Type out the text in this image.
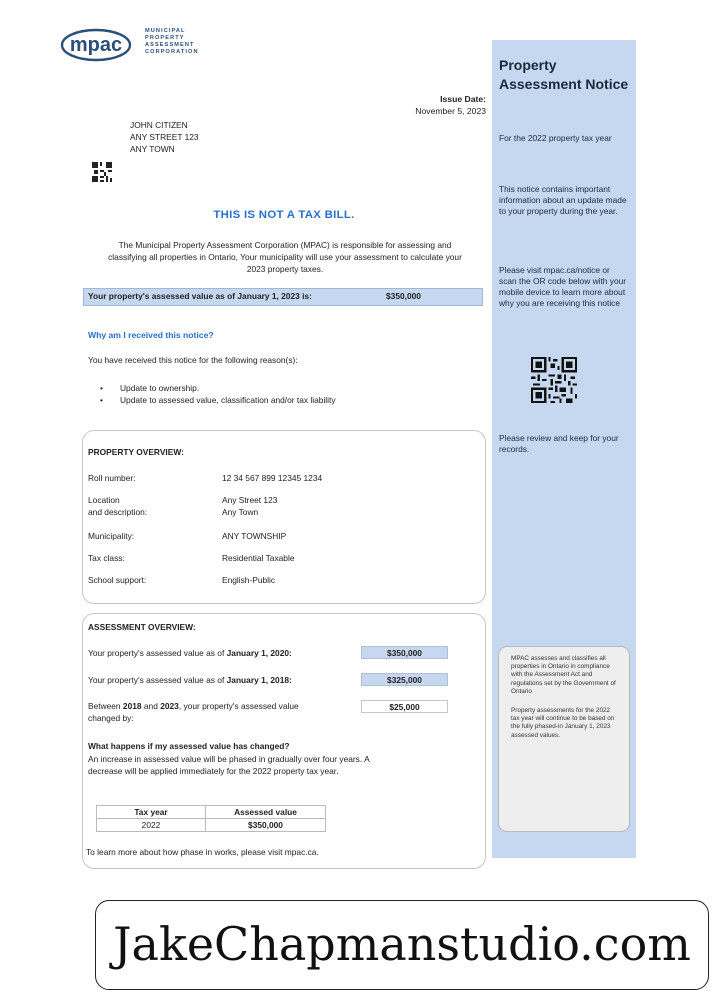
mpac
MUNICIPAL
PROPERTY
ASSESSMENT
CORPORATION
Property Assessment Notice
For the 2022 property tax year
This notice contains important information about an update made to your property during the year.
Please visit mpac.ca/notice or scan the OR code below with your mobile device to learn more about why you are receiving this notice
Please review and keep for your records.

MPAC assesses and classifies all properties in Ontario in compliance with the Assessment Act and regulations set by the Government of Ontario

Property assessments for the 2022 tax year will continue to be based on the fully phased-in January 1, 2023 assessed values.

Issue Date:
November 5, 2023
JOHN CITIZEN
ANY STREET 123
ANY TOWN
THIS IS NOT A TAX BILL.
The Municipal Property Assessment Corporation (MPAC) is responsible for assessing and classifying all properties in Ontario, Your municipality will use your assessment to calculate your 2023 property taxes.
Your property's assessed value as of January 1, 2023 is:	$350,000
Why am I received this notice?
You have received this notice for the following reason(s):
• Update to ownership.
• Update to assessed value, classification and/or tax liability
PROPERTY OVERVIEW:
Roll number:	12 34 567 899 12345 1234
Location
and description:
Any Street 123
Any Town
Municipality:	ANY TOWNSHIP
Tax class:	Residential Taxable
School support:	English-Public
ASSESSMENT OVERVIEW:
Your property's assessed value as of January 1, 2020:	$350,000
Your property's assessed value as of January 1, 2018:	$325,000
Between 2018 and 2023, your property's assessed value
changed by:
$25,000
What happens if my assessed value has changed?
An increase in assessed value will be phased in gradually over four years. A decrease will be applied immediately for the 2022 property tax year.
Tax year	Assessed value
2022	$350,000
To learn more about how phase in works, please visit mpac.ca.
JakeChapmanstudio.com
